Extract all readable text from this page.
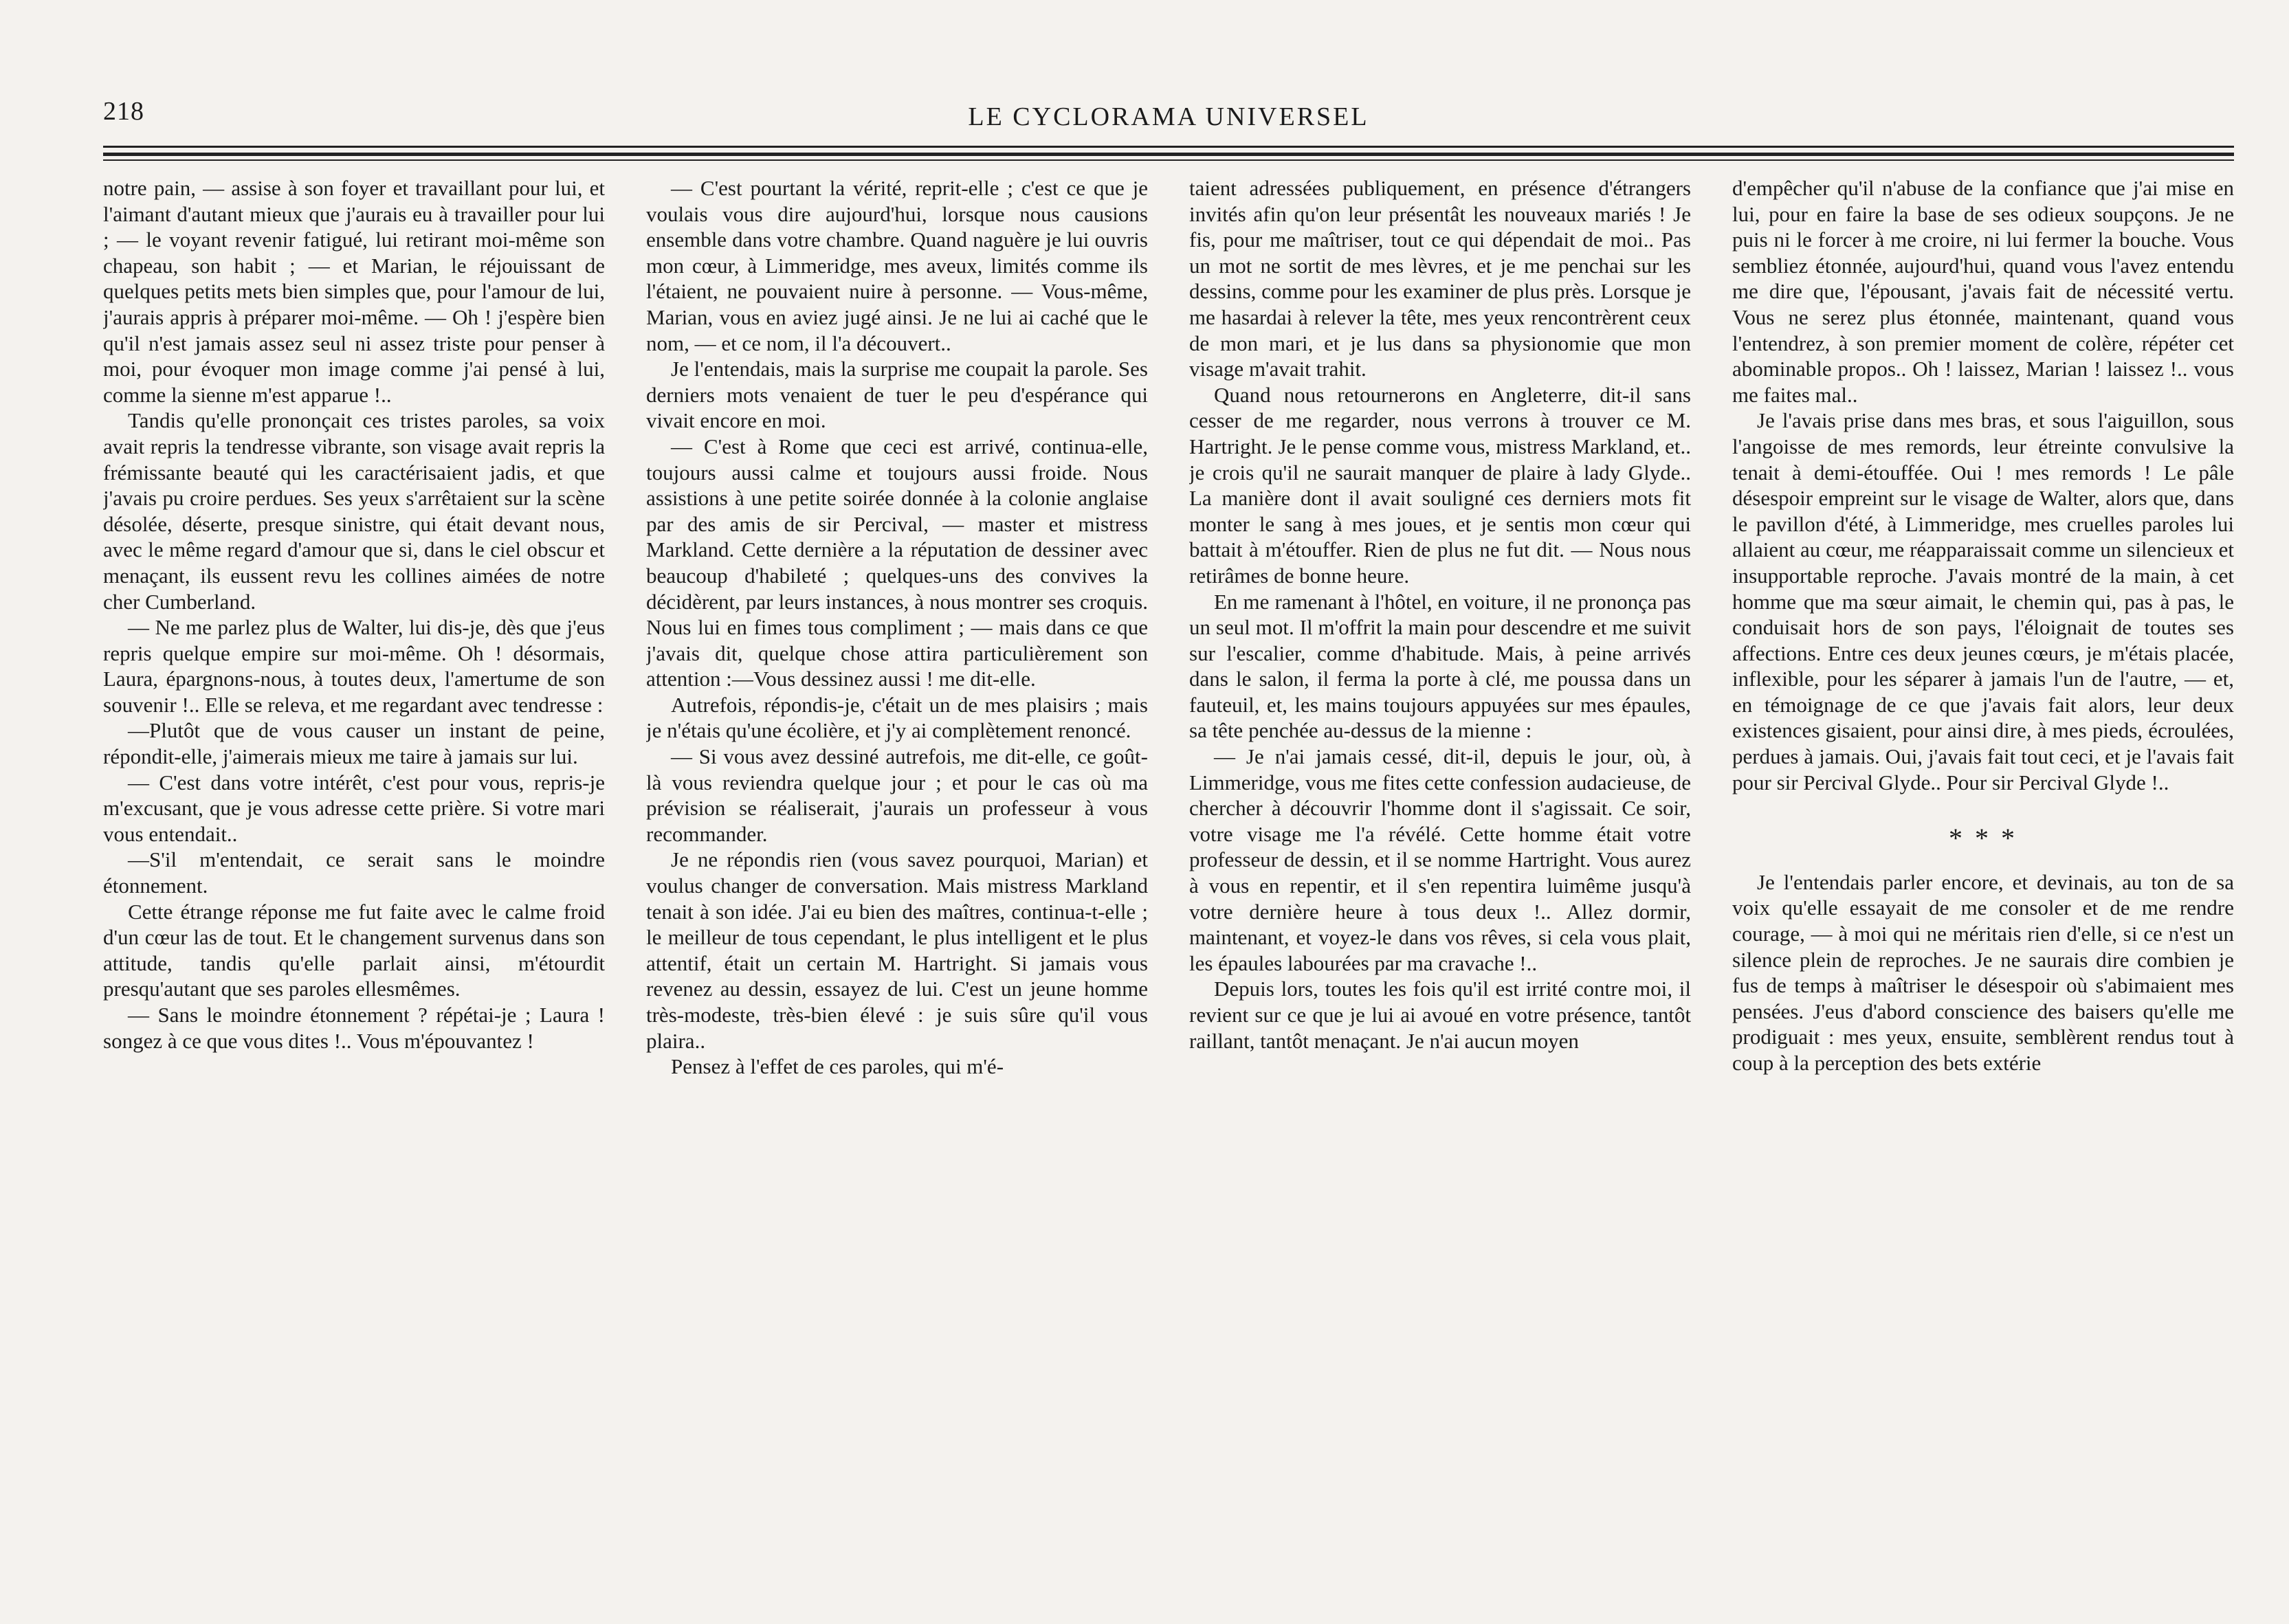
218	LE CYCLORAMA UNIVERSEL

notre pain, — assise à son foyer et travaillant pour lui, et l'aimant d'autant mieux que j'aurais eu à travailler pour lui ; — le voyant revenir fatigué, lui retirant moi-même son chapeau, son habit ; — et Marian, le réjouissant de quelques petits mets bien simples que, pour l'amour de lui, j'aurais appris à préparer moi-même. — Oh ! j'espère bien qu'il n'est jamais assez seul ni assez triste pour penser à moi, pour évoquer mon image comme j'ai pensé à lui, comme la sienne m'est apparue !..

Tandis qu'elle prononçait ces tristes paroles, sa voix avait repris la tendresse vibrante, son visage avait repris la frémissante beauté qui les caractérisaient jadis, et que j'avais pu croire perdues. Ses yeux s'arrêtaient sur la scène désolée, déserte, presque sinistre, qui était devant nous, avec le même regard d'amour que si, dans le ciel obscur et menaçant, ils eussent revu les collines aimées de notre cher Cumberland.

— Ne me parlez plus de Walter, lui dis-je, dès que j'eus repris quelque empire sur moi-même. Oh ! désormais, Laura, épargnons-nous, à toutes deux, l'amertume de son souvenir !.. Elle se releva, et me regardant avec tendresse :

—Plutôt que de vous causer un instant de peine, répondit-elle, j'aimerais mieux me taire à jamais sur lui.

— C'est dans votre intérêt, c'est pour vous, repris-je m'excusant, que je vous adresse cette prière. Si votre mari vous entendait..

—S'il m'entendait, ce serait sans le moindre étonnement.

Cette étrange réponse me fut faite avec le calme froid d'un cœur las de tout. Et le changement survenus dans son attitude, tandis qu'elle parlait ainsi, m'étourdit presqu'autant que ses paroles ellesmêmes.

— Sans le moindre étonnement ? répétai-je ; Laura ! songez à ce que vous dites !.. Vous m'épouvantez !

— C'est pourtant la vérité, reprit-elle ; c'est ce que je voulais vous dire aujourd'hui, lorsque nous causions ensemble dans votre chambre. Quand naguère je lui ouvris mon cœur, à Limmeridge, mes aveux, limités comme ils l'étaient, ne pouvaient nuire à personne. — Vous-même, Marian, vous en aviez jugé ainsi. Je ne lui ai caché que le nom, — et ce nom, il l'a découvert..

Je l'entendais, mais la surprise me coupait la parole. Ses derniers mots venaient de tuer le peu d'espérance qui vivait encore en moi.

— C'est à Rome que ceci est arrivé, continua-elle, toujours aussi calme et toujours aussi froide. Nous assistions à une petite soirée donnée à la colonie anglaise par des amis de sir Percival, — master et mistress Markland. Cette dernière a la réputation de dessiner avec beaucoup d'habileté ; quelques-uns des convives la décidèrent, par leurs instances, à nous montrer ses croquis. Nous lui en fimes tous compliment ; — mais dans ce que j'avais dit, quelque chose attira particulièrement son attention :—Vous dessinez aussi ! me dit-elle.

Autrefois, répondis-je, c'était un de mes plaisirs ; mais je n'étais qu'une écolière, et j'y ai complètement renoncé.

— Si vous avez dessiné autrefois, me dit-elle, ce goût-là vous reviendra quelque jour ; et pour le cas où ma prévision se réaliserait, j'aurais un professeur à vous recommander.

Je ne répondis rien (vous savez pourquoi, Marian) et voulus changer de conversation. Mais mistress Markland tenait à son idée. J'ai eu bien des maîtres, continua-t-elle ; le meilleur de tous cependant, le plus intelligent et le plus attentif, était un certain M. Hartright. Si jamais vous revenez au dessin, essayez de lui. C'est un jeune homme très-modeste, très-bien élevé : je suis sûre qu'il vous plaira..

Pensez à l'effet de ces paroles, qui m'é-

taient adressées publiquement, en présence d'étrangers invités afin qu'on leur présentât les nouveaux mariés ! Je fis, pour me maîtriser, tout ce qui dépendait de moi.. Pas un mot ne sortit de mes lèvres, et je me penchai sur les dessins, comme pour les examiner de plus près. Lorsque je me hasardai à relever la tête, mes yeux rencontrèrent ceux de mon mari, et je lus dans sa physionomie que mon visage m'avait trahit.

Quand nous retournerons en Angleterre, dit-il sans cesser de me regarder, nous verrons à trouver ce M. Hartright. Je le pense comme vous, mistress Markland, et.. je crois qu'il ne saurait manquer de plaire à lady Glyde.. La manière dont il avait souligné ces derniers mots fit monter le sang à mes joues, et je sentis mon cœur qui battait à m'étouffer. Rien de plus ne fut dit. — Nous nous retirâmes de bonne heure.

En me ramenant à l'hôtel, en voiture, il ne prononça pas un seul mot. Il m'offrit la main pour descendre et me suivit sur l'escalier, comme d'habitude. Mais, à peine arrivés dans le salon, il ferma la porte à clé, me poussa dans un fauteuil, et, les mains toujours appuyées sur mes épaules, sa tête penchée au-dessus de la mienne :

— Je n'ai jamais cessé, dit-il, depuis le jour, où, à Limmeridge, vous me fites cette confession audacieuse, de chercher à découvrir l'homme dont il s'agissait. Ce soir, votre visage me l'a révélé. Cette homme était votre professeur de dessin, et il se nomme Hartright. Vous aurez à vous en repentir, et il s'en repentira luimême jusqu'à votre dernière heure à tous deux !.. Allez dormir, maintenant, et voyez-le dans vos rêves, si cela vous plait, les épaules labourées par ma cravache !..

Depuis lors, toutes les fois qu'il est irrité contre moi, il revient sur ce que je lui ai avoué en votre présence, tantôt raillant, tantôt menaçant. Je n'ai aucun moyen

d'empêcher qu'il n'abuse de la confiance que j'ai mise en lui, pour en faire la base de ses odieux soupçons. Je ne puis ni le forcer à me croire, ni lui fermer la bouche. Vous sembliez étonnée, aujourd'hui, quand vous l'avez entendu me dire que, l'épousant, j'avais fait de nécessité vertu. Vous ne serez plus étonnée, maintenant, quand vous l'entendrez, à son premier moment de colère, répéter cet abominable propos.. Oh ! laissez, Marian ! laissez !.. vous me faites mal..

Je l'avais prise dans mes bras, et sous l'aiguillon, sous l'angoisse de mes remords, leur étreinte convulsive la tenait à demi-étouffée. Oui ! mes remords ! Le pâle désespoir empreint sur le visage de Walter, alors que, dans le pavillon d'été, à Limmeridge, mes cruelles paroles lui allaient au cœur, me réapparaissait comme un silencieux et insupportable reproche. J'avais montré de la main, à cet homme que ma sœur aimait, le chemin qui, pas à pas, le conduisait hors de son pays, l'éloignait de toutes ses affections. Entre ces deux jeunes cœurs, je m'étais placée, inflexible, pour les séparer à jamais l'un de l'autre, — et, en témoignage de ce que j'avais fait alors, leur deux existences gisaient, pour ainsi dire, à mes pieds, écroulées, perdues à jamais. Oui, j'avais fait tout ceci, et je l'avais fait pour sir Percival Glyde.. Pour sir Percival Glyde !..

* * *

Je l'entendais parler encore, et devinais, au ton de sa voix qu'elle essayait de me consoler et de me rendre courage, — à moi qui ne méritais rien d'elle, si ce n'est un silence plein de reproches. Je ne saurais dire combien je fus de temps à maîtriser le désespoir où s'abimaient mes pensées. J'eus d'abord conscience des baisers qu'elle me prodiguait : mes yeux, ensuite, semblèrent rendus tout à coup à la perception des bets extérie
